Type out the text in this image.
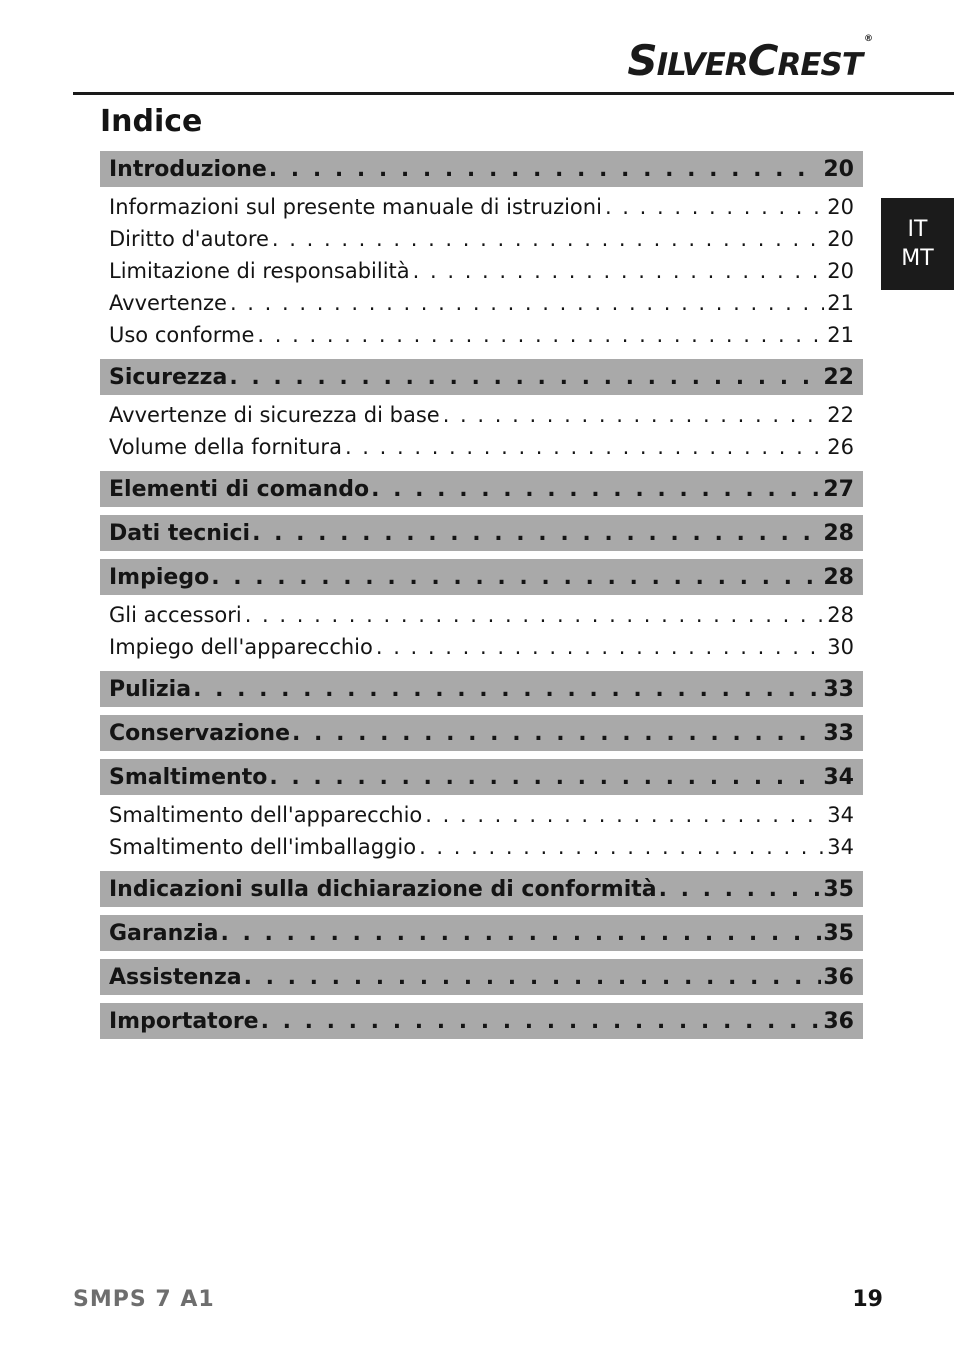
SILVERCREST®
Indice
IT
MT
Introduzione . . .	20
Informazioni sul presente manuale di istruzioni . . .	20
Diritto d'autore . . .	20
Limitazione di responsabilità . . .	20
Avvertenze . . .	21
Uso conforme . . .	21
Sicurezza . . .	22
Avvertenze di sicurezza di base . . .	22
Volume della fornitura . . .	26
Elementi di comando . . .	27
Dati tecnici . . .	28
Impiego . . .	28
Gli accessori . . .	28
Impiego dell'apparecchio . . .	30
Pulizia . . .	33
Conservazione . . .	33
Smaltimento . . .	34
Smaltimento dell'apparecchio . . .	34
Smaltimento dell'imballaggio . . .	34
Indicazioni sulla dichiarazione di conformità . . .	35
Garanzia . . .	35
Assistenza . . .	36
Importatore . . .	36
SMPS 7 A1	19
